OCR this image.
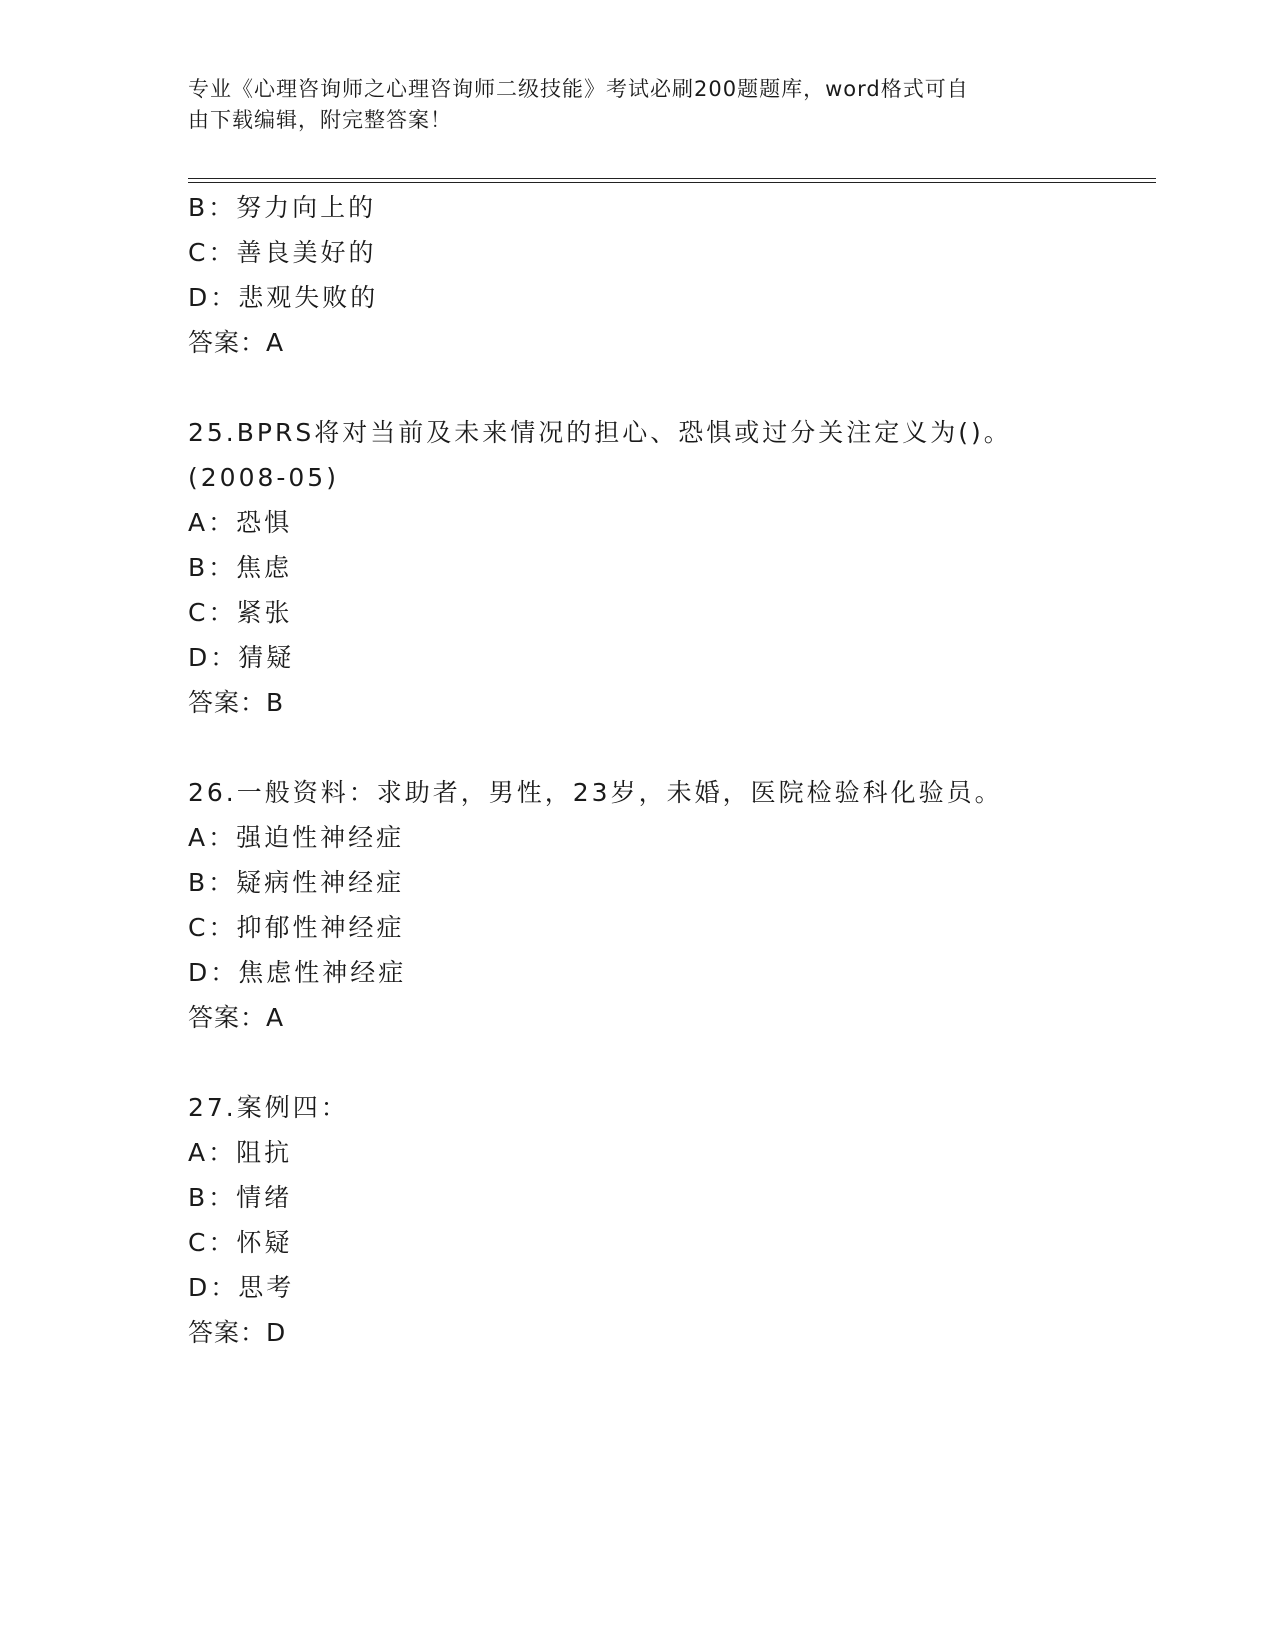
专业《心理咨询师之心理咨询师二级技能》考试必刷200题题库，word格式可自
由下载编辑，附完整答案！
B：努力向上的
C：善良美好的
D：悲观失败的
答案：A
25.BPRS将对当前及未来情况的担心、恐惧或过分关注定义为()。
(2008-05)
A：恐惧
B：焦虑
C：紧张
D：猜疑
答案：B
26.一般资料：求助者，男性，23岁，未婚，医院检验科化验员。
A：强迫性神经症
B：疑病性神经症
C：抑郁性神经症
D：焦虑性神经症
答案：A
27.案例四：
A：阻抗
B：情绪
C：怀疑
D：思考
答案：D
